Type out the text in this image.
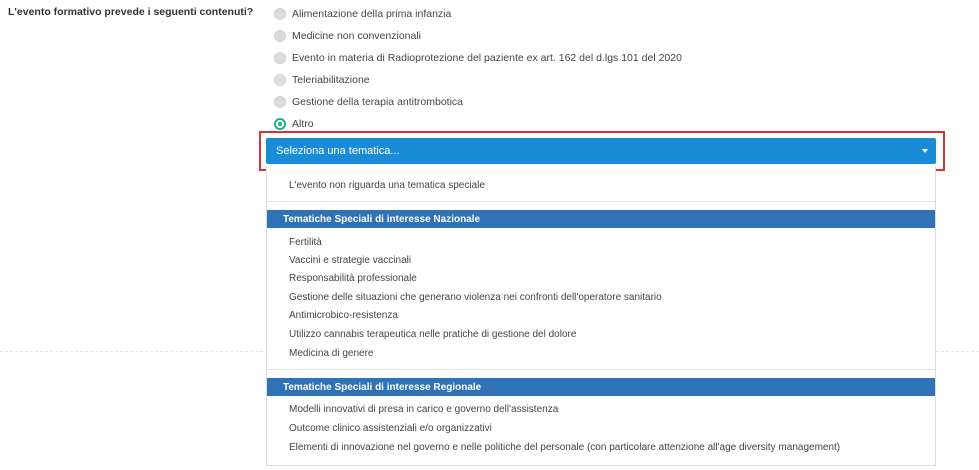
L'evento formativo prevede i seguenti contenuti?	Alimentazione della prima infanzia
Medicine non convenzionali
Evento in materia di Radioprotezione del paziente ex art. 162 del d.lgs 101 del 2020
Teleriabilitazione
Gestione della terapia antitrombotica
Altro
Seleziona una tematica...
L'evento non riguarda una tematica speciale
Tematiche Speciali di interesse Nazionale
Fertilità
Vaccini e strategie vaccinali
Responsabilità professionale
Gestione delle situazioni che generano violenza nei confronti dell'operatore sanitario
Antimicrobico-resistenza
Utilizzo cannabis terapeutica nelle pratiche di gestione del dolore
Medicina di genere
Tematiche Speciali di interesse Regionale
Modelli innovativi di presa in carico e governo dell'assistenza
Outcome clinico assistenziali e/o organizzativi
Elementi di innovazione nel governo e nelle politiche del personale (con particolare attenzione all'age diversity management)
